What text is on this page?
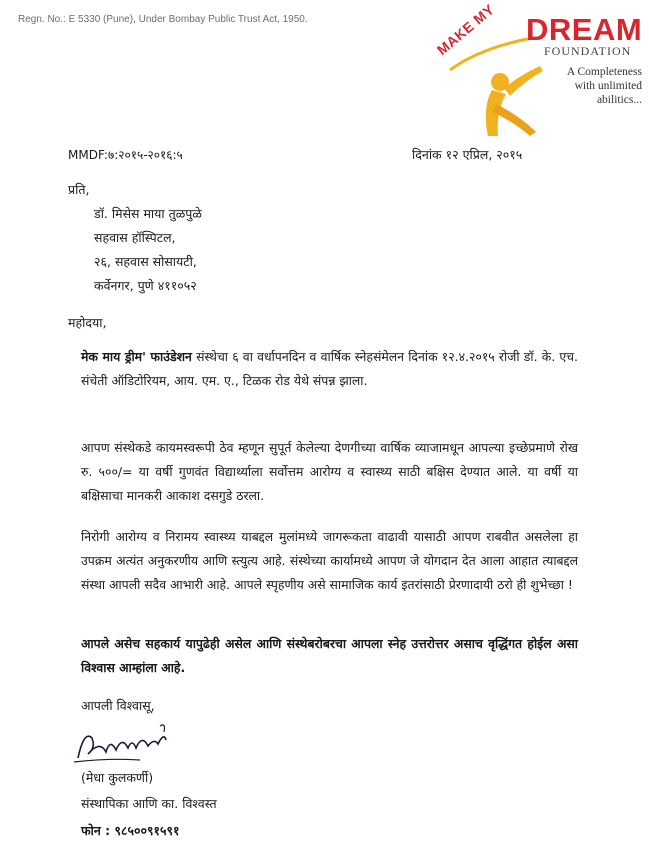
Regn. No.: E 5330 (Pune), Under Bombay Public Trust Act, 1950.	MAKE MY DREAM
FOUNDATION
A Completeness
with unlimited abilitics...
MMDF:७:२०१५-२०१६:५	दिनांक १२ एप्रिल, २०१५
प्रति,
डॉ. मिसेस माया तुळपुळे
सहवास हॉस्पिटल,
२६, सहवास सोसायटी,
कर्वेनगर, पुणे ४११०५२
महोदया,
मेक माय ड्रीम' फाउंडेशन संस्थेचा ६ वा वर्धापनदिन व वार्षिक स्नेहसंमेलन दिनांक १२.४.२०१५ रोजी डॉ. के. एच. संचेती ऑडिटोरियम, आय. एम. ए., टिळक रोड येथे संपन्न झाला.
आपण संस्थेकडे कायमस्वरूपी ठेव म्हणून सुपूर्त केलेल्या देणगीच्या वार्षिक व्याजामधून आपल्या इच्छेप्रमाणे रोख रु. ५००/= या वर्षी गुणवंत विद्यार्थ्याला सर्वोत्तम आरोग्य व स्वास्थ्य साठी बक्षिस देण्यात आले. या वर्षी या बक्षिसाचा मानकरी आकाश दसगुडे ठरला.
निरोगी आरोग्य व निरामय स्वास्थ्य याबद्दल मुलांमध्ये जागरूकता वाढावी यासाठी आपण राबवीत असलेला हा उपक्रम अत्यंत अनुकरणीय आणि स्त्युत्य आहे. संस्थेच्या कार्यामध्ये आपण जे योगदान देत आला आहात त्याबद्दल संस्था आपली सदैव आभारी आहे. आपले स्पृहणीय असे सामाजिक कार्य इतरांसाठी प्रेरणादायी ठरो ही शुभेच्छा !
आपले असेच सहकार्य यापुढेही असेल आणि संस्थेबरोबरचा आपला स्नेह उत्तरोत्तर असाच वृद्धिंगत होईल असा विश्वास आम्हांला आहे.
आपली विश्वासू,
(मेधा कुलकर्णी)
संस्थापिका आणि का. विश्वस्त
फोन : ९८५००९१५९१
